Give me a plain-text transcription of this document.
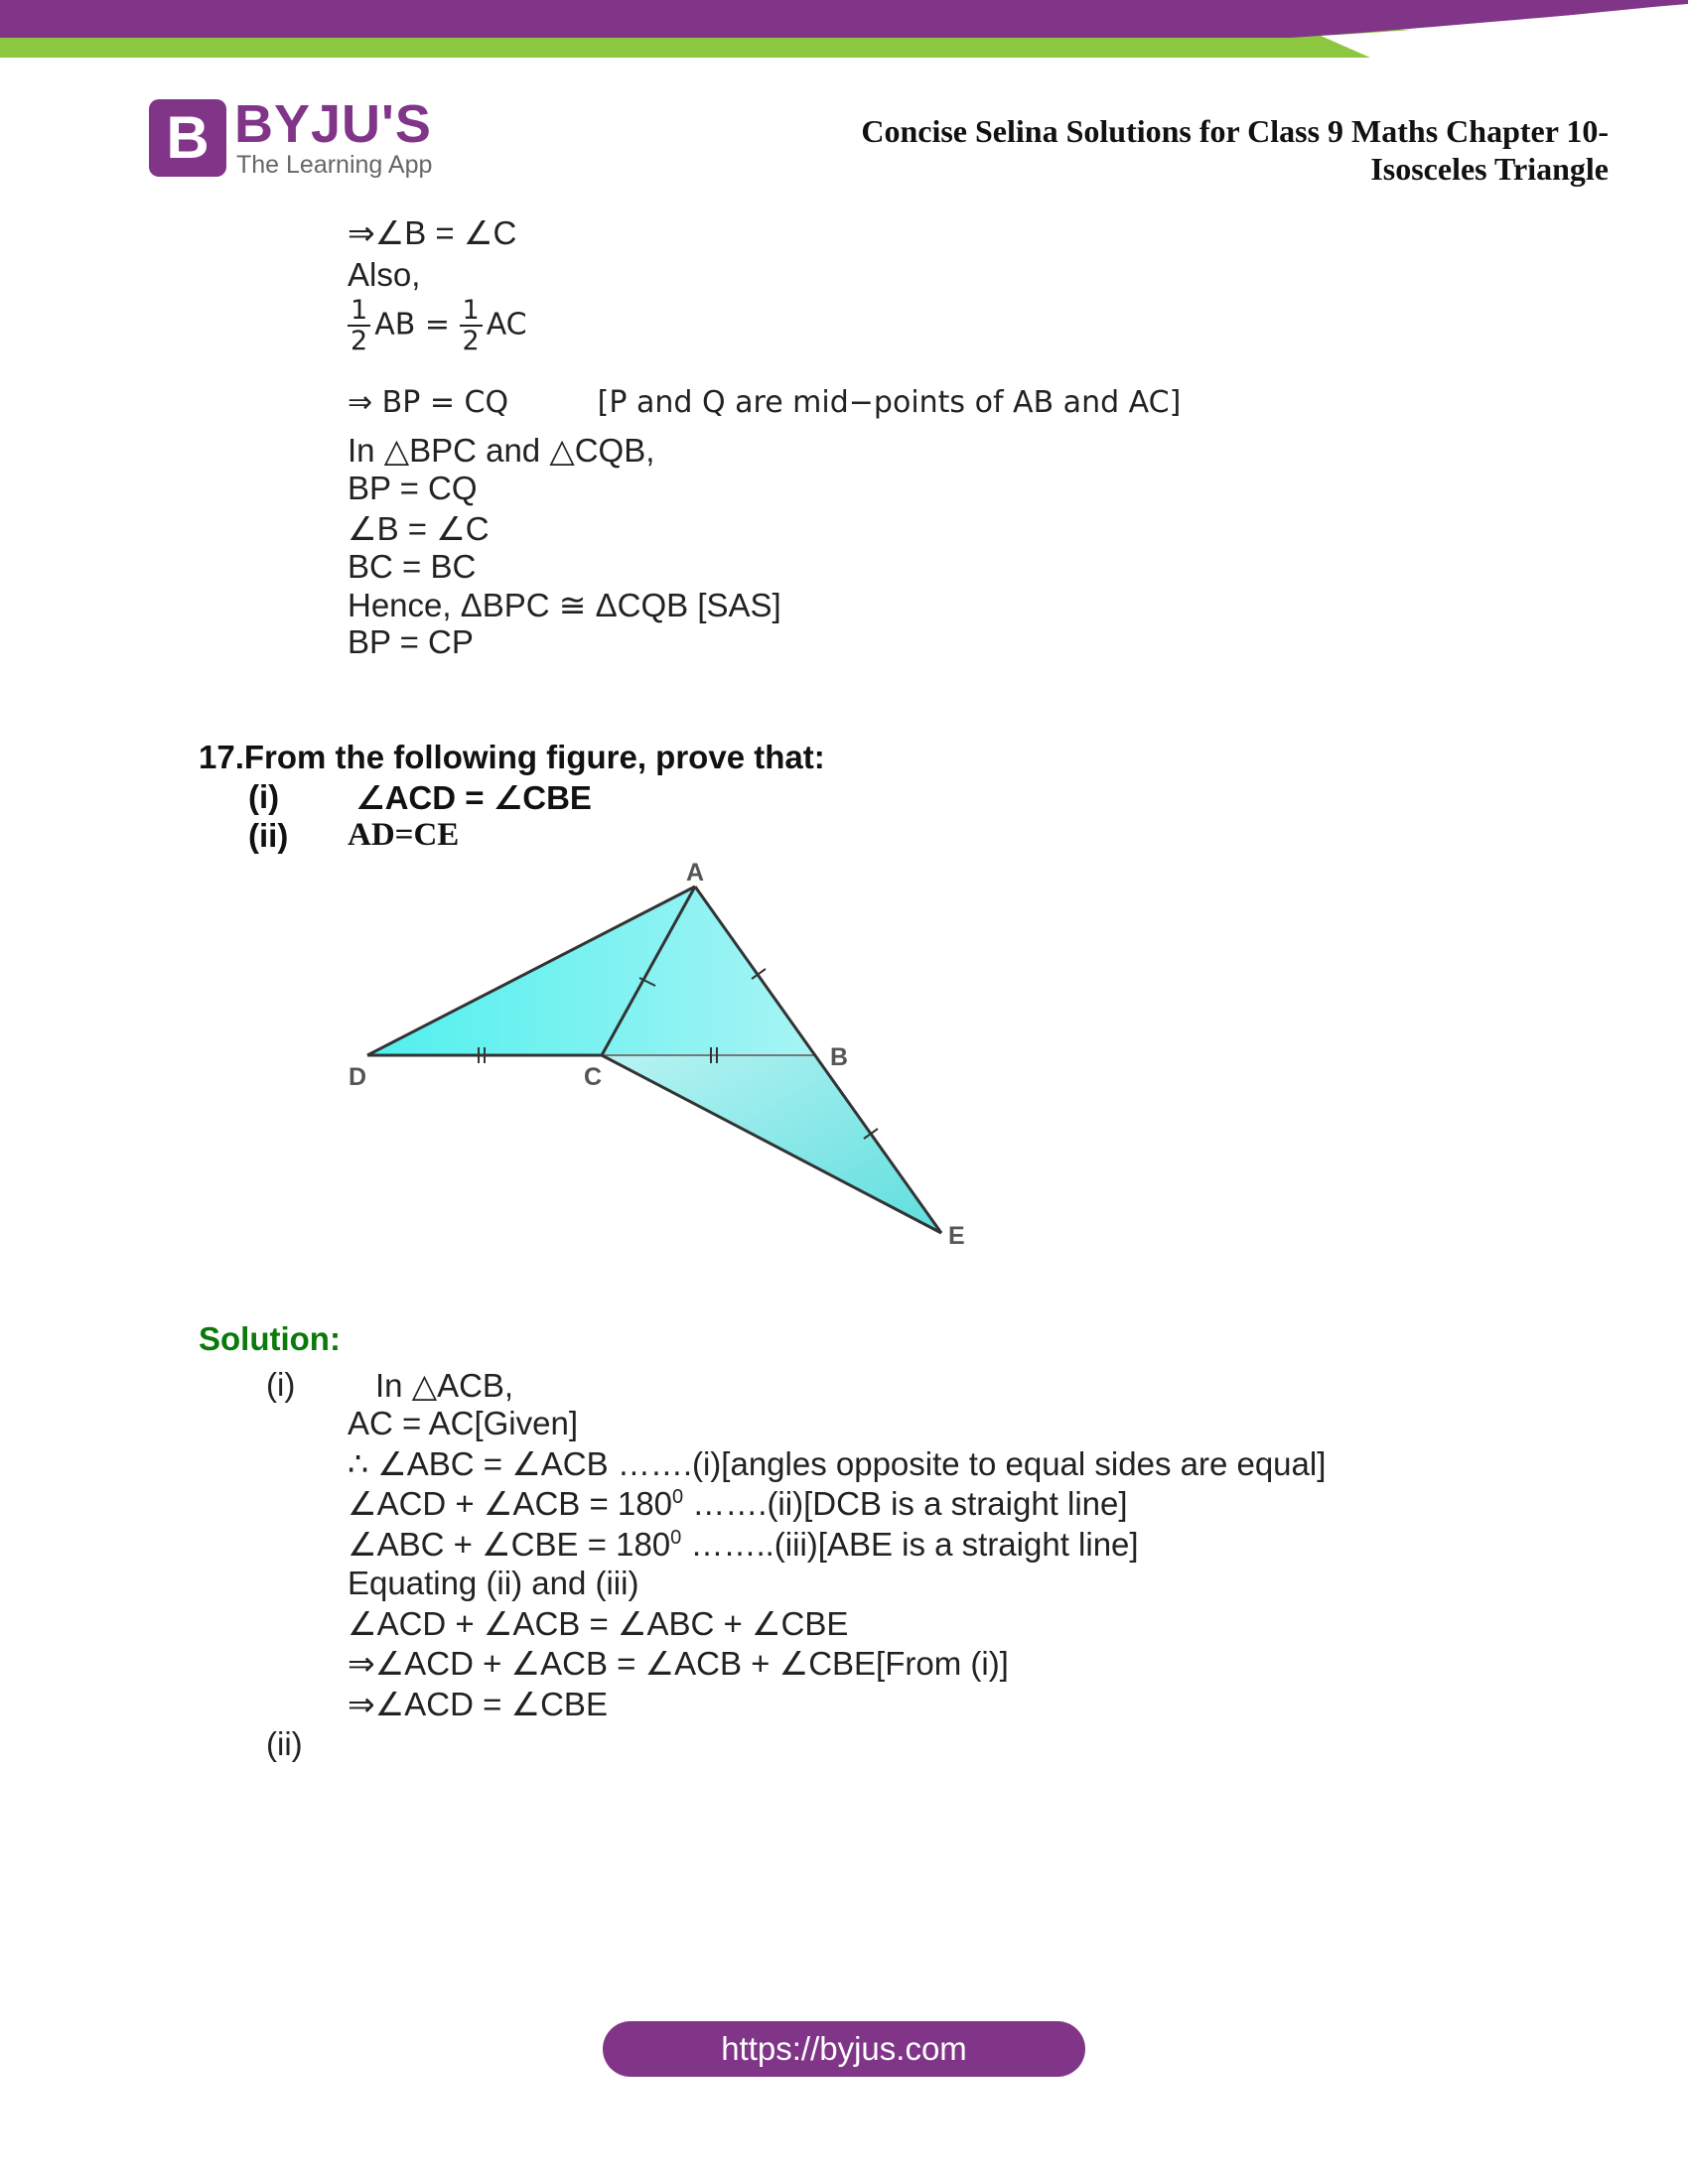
B BYJU'S
The Learning App
Concise Selina Solutions for Class 9 Maths Chapter 10-
Isosceles Triangle
⇒∠B = ∠C
Also,
$\frac{1}{2}$ AB = $\frac{1}{2}$ AC
⇒ BP = CQ	[P and Q are mid−points of AB and AC]
In △BPC and △CQB,
BP = CQ
∠B = ∠C
BC = BC
Hence, ΔBPC ≅ ΔCQB [SAS]
BP = CP
17.From the following figure, prove that:
(i) ∠ACD = ∠CBE
(ii) AD=CE
A
B
C
D
E
Solution:
(i) In △ACB,
AC = AC[Given]
∴ ∠ABC = ∠ACB …….(i)[angles opposite to equal sides are equal]
∠ACD + ∠ACB = $180^0$ …….(ii)[DCB is a straight line]
∠ABC + ∠CBE = $180^0$ ……..(iii)[ABE is a straight line]
Equating (ii) and (iii)
∠ACD + ∠ACB = ∠ABC + ∠CBE
⇒∠ACD + ∠ACB = ∠ACB + ∠CBE[From (i)]
⇒∠ACD = ∠CBE
(ii)
https://byjus.com
